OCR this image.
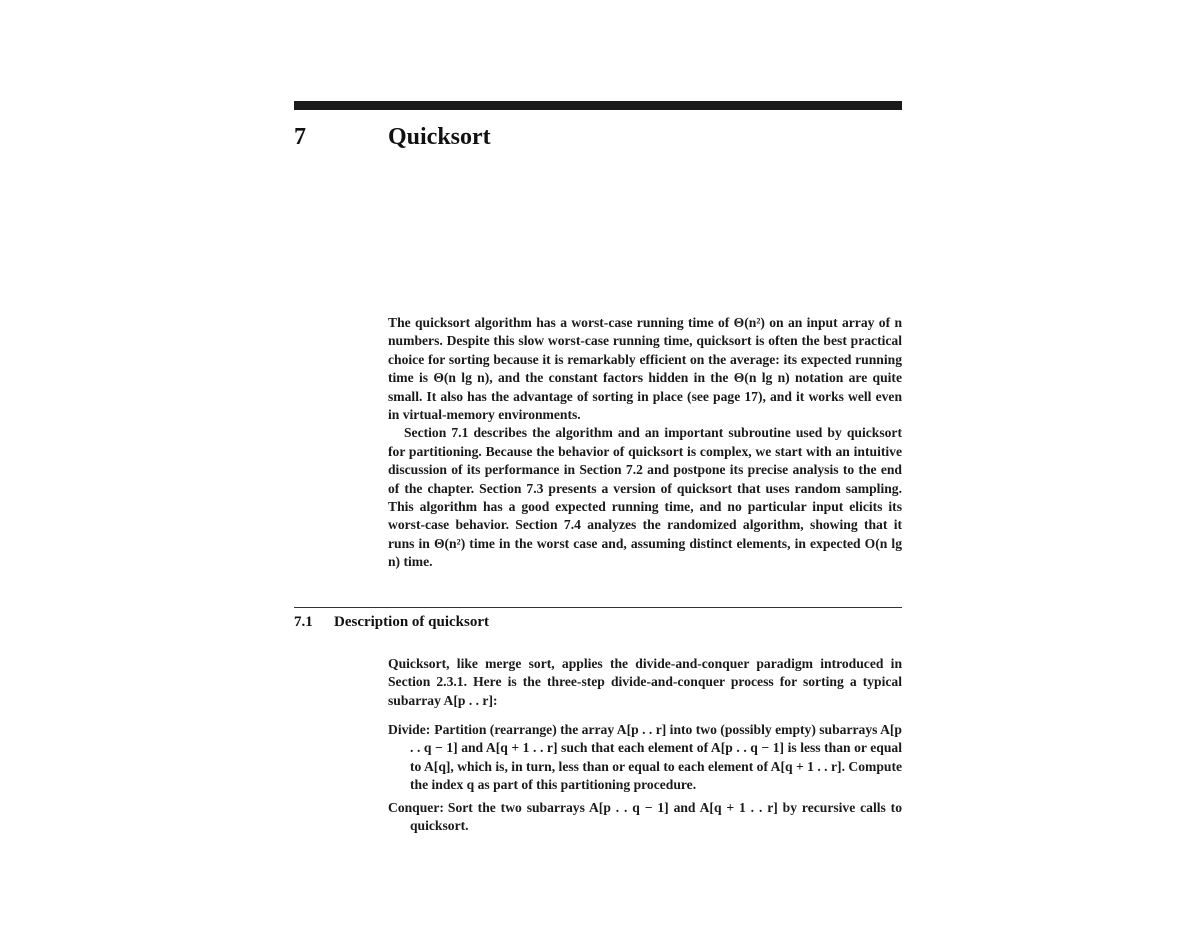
7	Quicksort

The quicksort algorithm has a worst-case running time of Θ(n²) on an input array of n numbers. Despite this slow worst-case running time, quicksort is often the best practical choice for sorting because it is remarkably efficient on the average: its expected running time is Θ(n lg n), and the constant factors hidden in the Θ(n lg n) notation are quite small. It also has the advantage of sorting in place (see page 17), and it works well even in virtual-memory environments.

Section 7.1 describes the algorithm and an important subroutine used by quicksort for partitioning. Because the behavior of quicksort is complex, we start with an intuitive discussion of its performance in Section 7.2 and postpone its precise analysis to the end of the chapter. Section 7.3 presents a version of quicksort that uses random sampling. This algorithm has a good expected running time, and no particular input elicits its worst-case behavior. Section 7.4 analyzes the randomized algorithm, showing that it runs in Θ(n²) time in the worst case and, assuming distinct elements, in expected O(n lg n) time.

7.1 Description of quicksort

Quicksort, like merge sort, applies the divide-and-conquer paradigm introduced in Section 2.3.1. Here is the three-step divide-and-conquer process for sorting a typical subarray A[p . . r]:

Divide: Partition (rearrange) the array A[p . . r] into two (possibly empty) subarrays A[p . . q − 1] and A[q + 1 . . r] such that each element of A[p . . q − 1] is less than or equal to A[q], which is, in turn, less than or equal to each element of A[q + 1 . . r]. Compute the index q as part of this partitioning procedure.

Conquer: Sort the two subarrays A[p . . q − 1] and A[q + 1 . . r] by recursive calls to quicksort.
